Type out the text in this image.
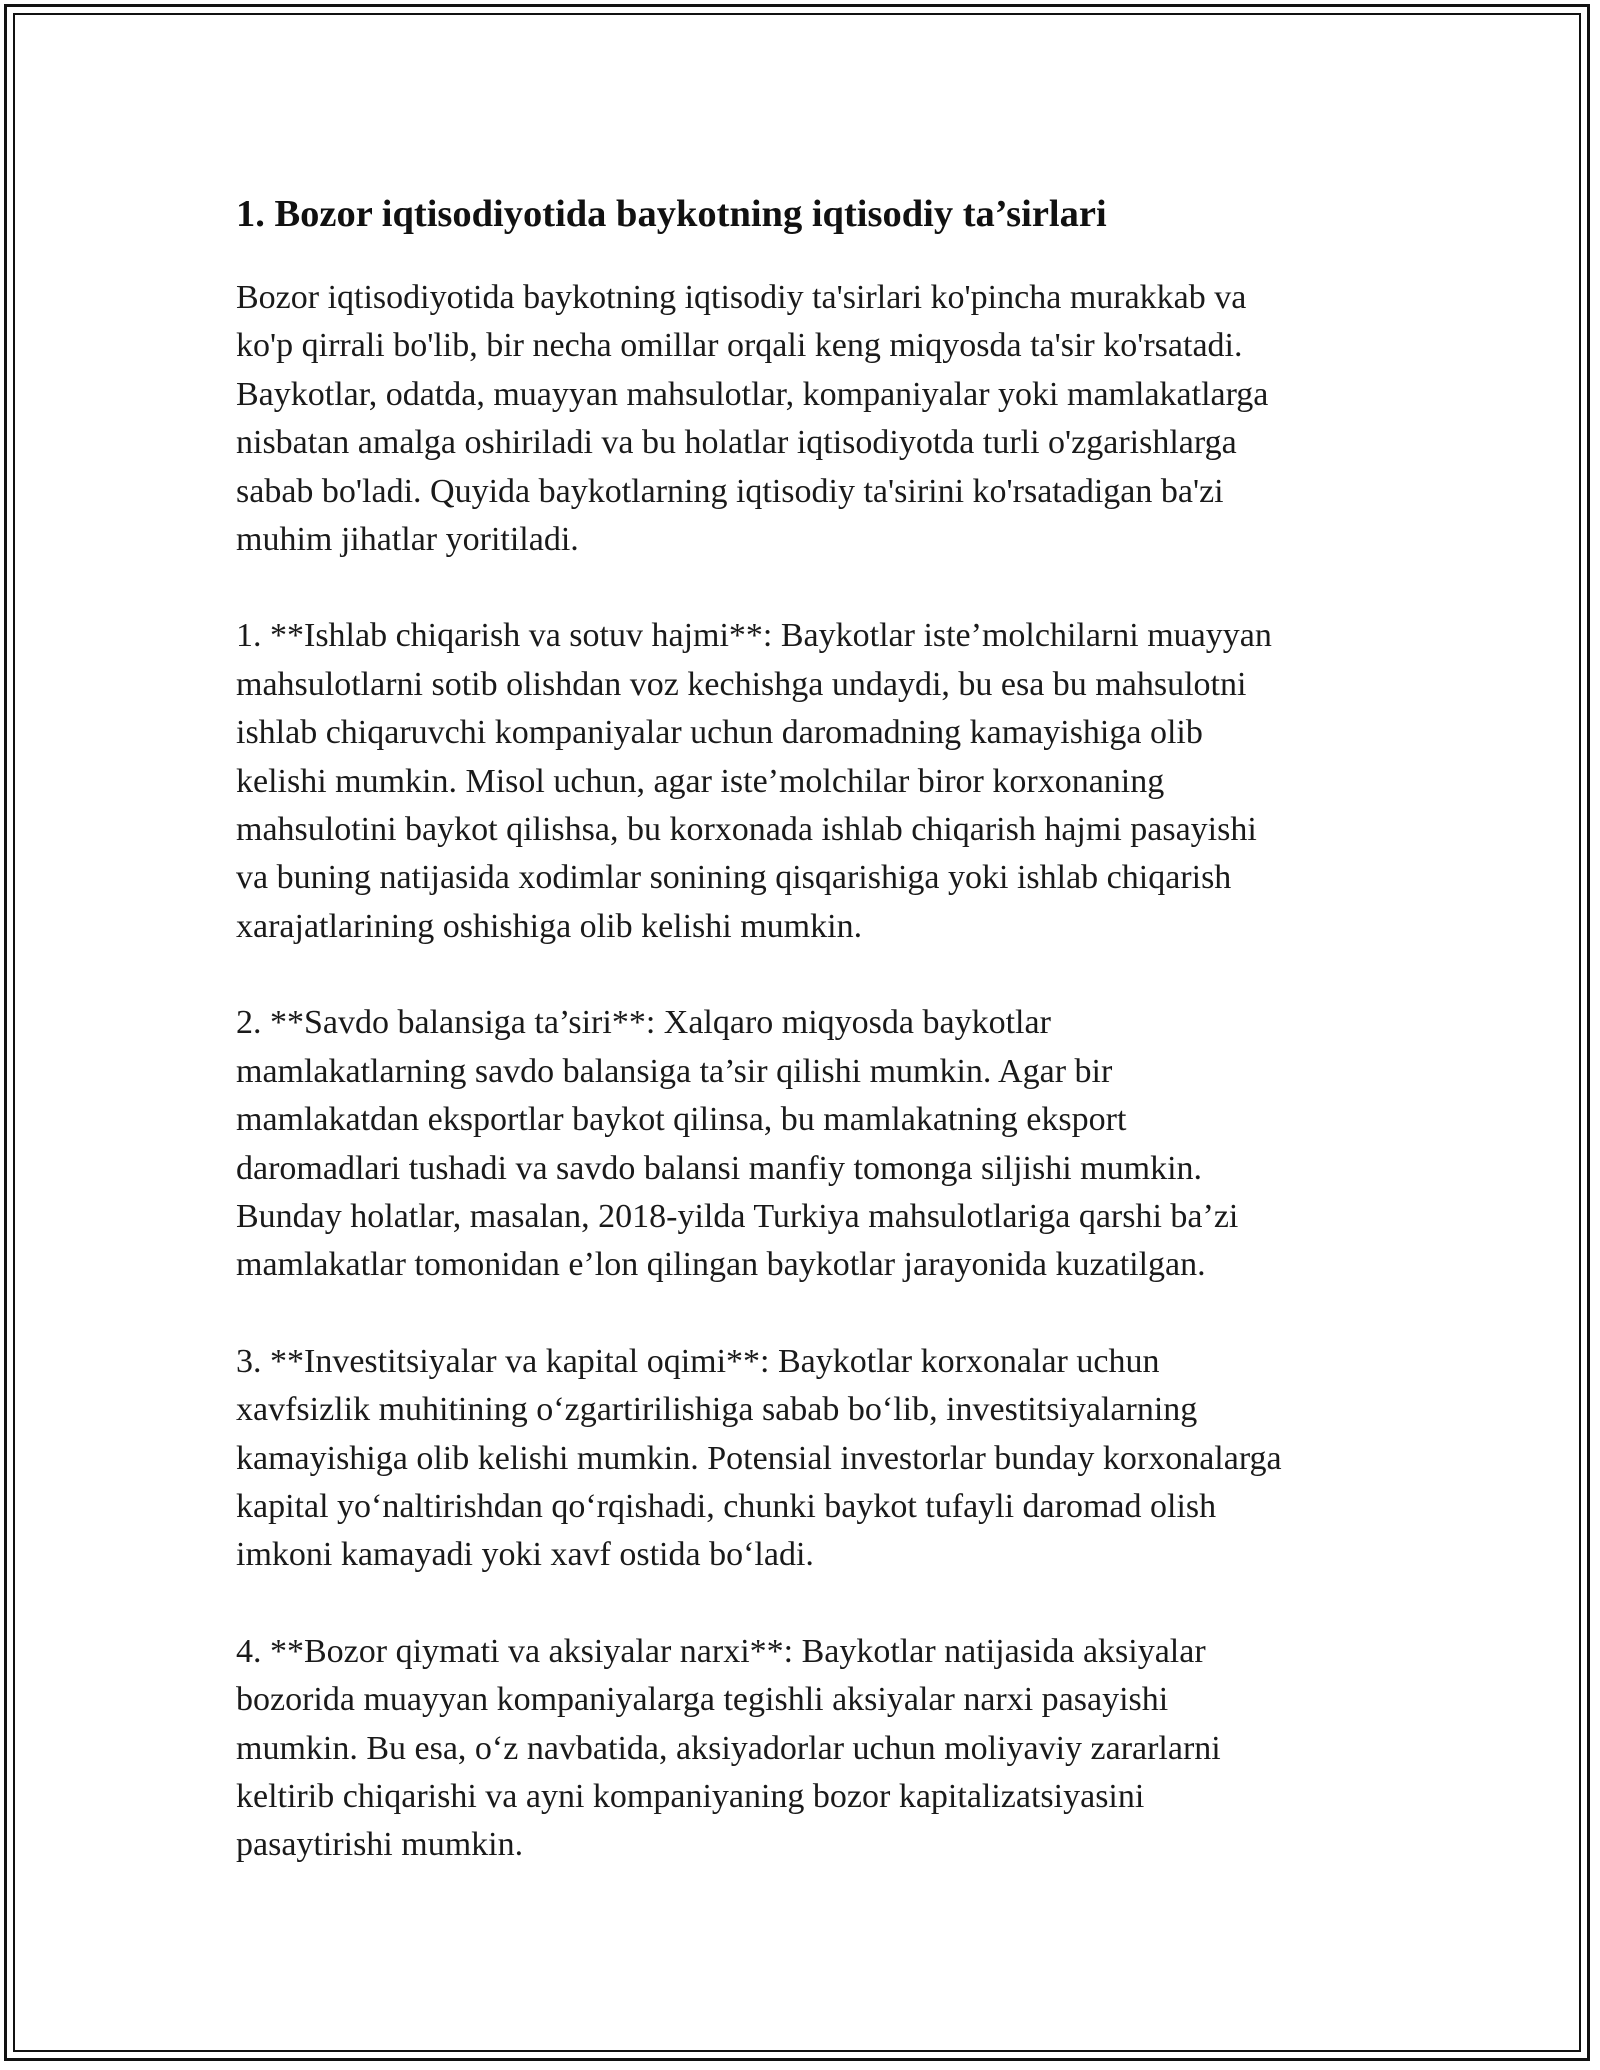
1. Bozor iqtisodiyotida baykotning iqtisodiy ta’sirlari

Bozor iqtisodiyotida baykotning iqtisodiy ta'sirlari ko'pincha murakkab va
ko'p qirrali bo'lib, bir necha omillar orqali keng miqyosda ta'sir ko'rsatadi.
Baykotlar, odatda, muayyan mahsulotlar, kompaniyalar yoki mamlakatlarga
nisbatan amalga oshiriladi va bu holatlar iqtisodiyotda turli o'zgarishlarga
sabab bo'ladi. Quyida baykotlarning iqtisodiy ta'sirini ko'rsatadigan ba'zi
muhim jihatlar yoritiladi.

1. **Ishlab chiqarish va sotuv hajmi**: Baykotlar iste’molchilarni muayyan
mahsulotlarni sotib olishdan voz kechishga undaydi, bu esa bu mahsulotni
ishlab chiqaruvchi kompaniyalar uchun daromadning kamayishiga olib
kelishi mumkin. Misol uchun, agar iste’molchilar biror korxonaning
mahsulotini baykot qilishsa, bu korxonada ishlab chiqarish hajmi pasayishi
va buning natijasida xodimlar sonining qisqarishiga yoki ishlab chiqarish
xarajatlarining oshishiga olib kelishi mumkin.

2. **Savdo balansiga ta’siri**: Xalqaro miqyosda baykotlar
mamlakatlarning savdo balansiga ta’sir qilishi mumkin. Agar bir
mamlakatdan eksportlar baykot qilinsa, bu mamlakatning eksport
daromadlari tushadi va savdo balansi manfiy tomonga siljishi mumkin.
Bunday holatlar, masalan, 2018-yilda Turkiya mahsulotlariga qarshi ba’zi
mamlakatlar tomonidan e’lon qilingan baykotlar jarayonida kuzatilgan.

3. **Investitsiyalar va kapital oqimi**: Baykotlar korxonalar uchun
xavfsizlik muhitining o‘zgartirilishiga sabab bo‘lib, investitsiyalarning
kamayishiga olib kelishi mumkin. Potensial investorlar bunday korxonalarga
kapital yo‘naltirishdan qo‘rqishadi, chunki baykot tufayli daromad olish
imkoni kamayadi yoki xavf ostida bo‘ladi.

4. **Bozor qiymati va aksiyalar narxi**: Baykotlar natijasida aksiyalar
bozorida muayyan kompaniyalarga tegishli aksiyalar narxi pasayishi
mumkin. Bu esa, o‘z navbatida, aksiyadorlar uchun moliyaviy zararlarni
keltirib chiqarishi va ayni kompaniyaning bozor kapitalizatsiyasini
pasaytirishi mumkin.
